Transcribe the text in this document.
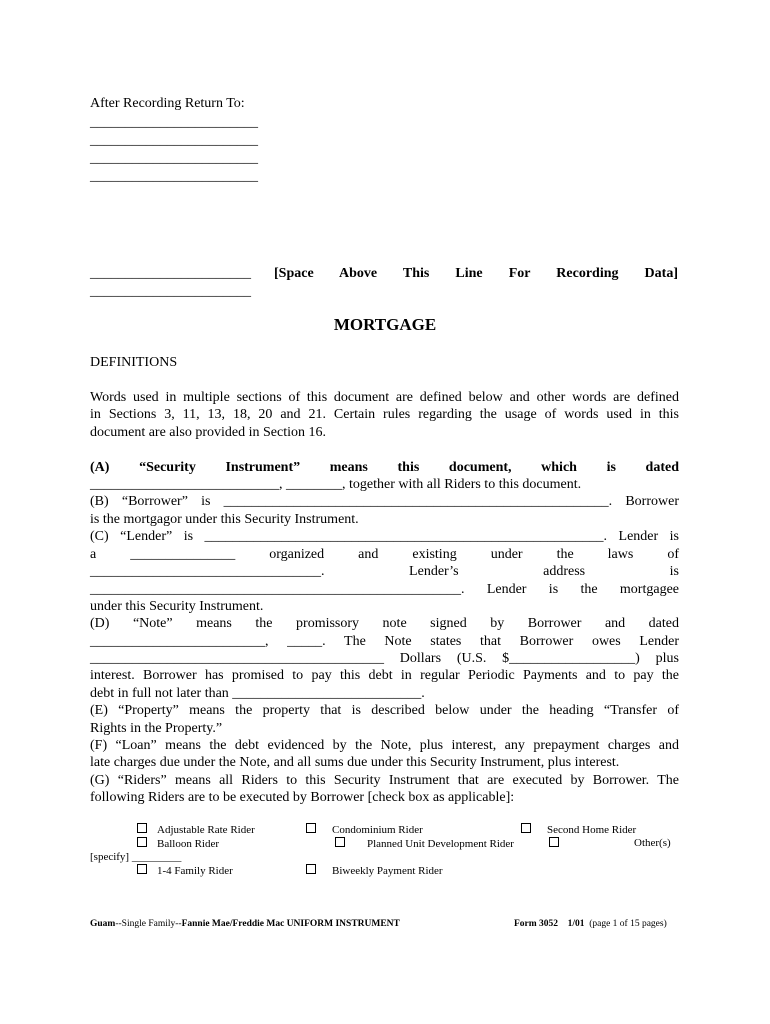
After Recording Return To:
________________________
________________________
________________________
________________________
_______________________ [Space Above This Line For Recording Data]
_______________________
MORTGAGE
DEFINITIONS
Words used in multiple sections of this document are defined below and other words are defined
in Sections 3, 11, 13, 18, 20 and 21. Certain rules regarding the usage of words used in this
document are also provided in Section 16.
(A) “Security Instrument” means this document, which is dated
___________________________, ________, together with all Riders to this document.
(B) “Borrower” is _______________________________________________________. Borrower
is the mortgagor under this Security Instrument.
(C) “Lender” is _________________________________________________________. Lender is
a _______________ organized and existing under the laws of
_________________________________. Lender’s address is
_____________________________________________________. Lender is the mortgagee
under this Security Instrument.
(D) “Note” means the promissory note signed by Borrower and dated
_________________________, _____. The Note states that Borrower owes Lender
__________________________________________ Dollars (U.S. $__________________) plus
interest. Borrower has promised to pay this debt in regular Periodic Payments and to pay the
debt in full not later than ___________________________.
(E) “Property” means the property that is described below under the heading “Transfer of
Rights in the Property.”
(F) “Loan” means the debt evidenced by the Note, plus interest, any prepayment charges and
late charges due under the Note, and all sums due under this Security Instrument, plus interest.
(G) “Riders” means all Riders to this Security Instrument that are executed by Borrower. The
following Riders are to be executed by Borrower [check box as applicable]:
Adjustable Rate Rider	Condominium Rider	Second Home Rider
Balloon Rider	Planned Unit Development Rider	Other(s)
[specify] _________
1-4 Family Rider	Biweekly Payment Rider
Guam--Single Family--Fannie Mae/Freddie Mac UNIFORM INSTRUMENT	Form 3052 1/01 (page 1 of 15 pages)
